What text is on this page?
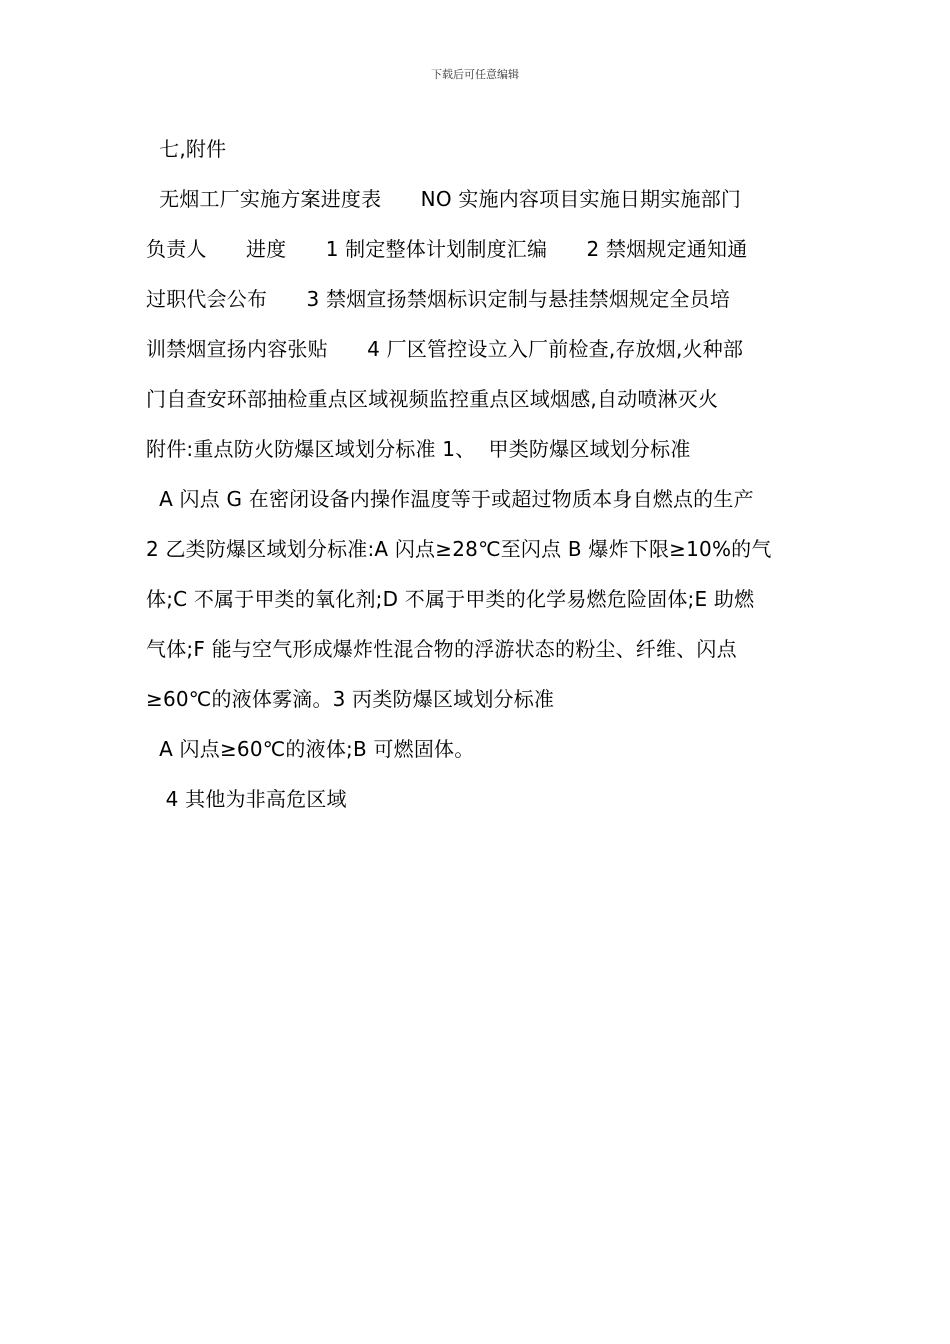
下载后可任意编辑
七,附件
无烟工厂实施方案进度表      NO 实施内容项目实施日期实施部门
负责人      进度      1 制定整体计划制度汇编      2 禁烟规定通知通
过职代会公布      3 禁烟宣扬禁烟标识定制与悬挂禁烟规定全员培
训禁烟宣扬内容张贴      4 厂区管控设立入厂前检查,存放烟,火种部
门自查安环部抽检重点区域视频监控重点区域烟感,自动喷淋灭火
附件:重点防火防爆区域划分标准 1、  甲类防爆区域划分标准
A 闪点 G 在密闭设备内操作温度等于或超过物质本身自燃点的生产
2 乙类防爆区域划分标准:A 闪点≥28℃至闪点 B 爆炸下限≥10%的气
体;C 不属于甲类的氧化剂;D 不属于甲类的化学易燃危险固体;E 助燃
气体;F 能与空气形成爆炸性混合物的浮游状态的粉尘、纤维、闪点
≥60℃的液体雾滴。3 丙类防爆区域划分标准
A 闪点≥60℃的液体;B 可燃固体。
4 其他为非高危区域
